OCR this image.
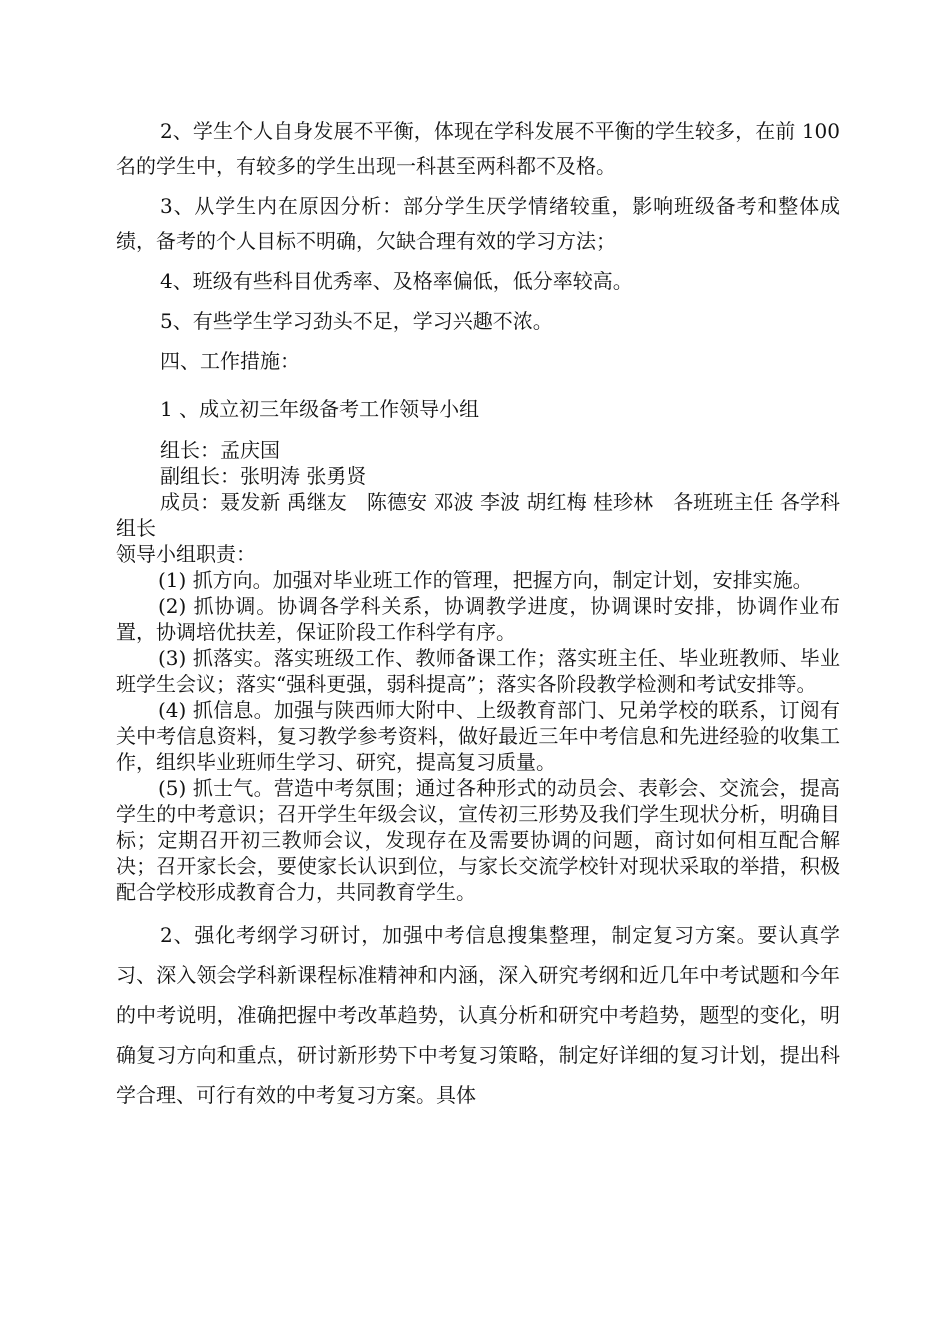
2、学生个人自身发展不平衡，体现在学科发展不平衡的学生较多，在前 100 名的学生中，有较多的学生出现一科甚至两科都不及格。

3、从学生内在原因分析：部分学生厌学情绪较重，影响班级备考和整体成绩，备考的个人目标不明确，欠缺合理有效的学习方法；

4、班级有些科目优秀率、及格率偏低，低分率较高。

5、有些学生学习劲头不足，学习兴趣不浓。

四、工作措施：

1 、成立初三年级备考工作领导小组

组长：孟庆国

副组长：张明涛 张勇贤

成员：聂发新 禹继友　陈德安 邓波 李波 胡红梅 桂珍林　各班班主任 各学科组长

领导小组职责：

(1) 抓方向。加强对毕业班工作的管理，把握方向，制定计划，安排实施。

(2) 抓协调。协调各学科关系，协调教学进度，协调课时安排，协调作业布置，协调培优扶差，保证阶段工作科学有序。

(3) 抓落实。落实班级工作、教师备课工作；落实班主任、毕业班教师、毕业班学生会议；落实“强科更强，弱科提高”；落实各阶段教学检测和考试安排等。

(4) 抓信息。加强与陕西师大附中、上级教育部门、兄弟学校的联系，订阅有关中考信息资料，复习教学参考资料，做好最近三年中考信息和先进经验的收集工作，组织毕业班师生学习、研究，提高复习质量。

(5) 抓士气。营造中考氛围；通过各种形式的动员会、表彰会、交流会，提高学生的中考意识；召开学生年级会议，宣传初三形势及我们学生现状分析，明确目标；定期召开初三教师会议，发现存在及需要协调的问题，商讨如何相互配合解决；召开家长会，要使家长认识到位，与家长交流学校针对现状采取的举措，积极配合学校形成教育合力，共同教育学生。

2、强化考纲学习研讨，加强中考信息搜集整理，制定复习方案。要认真学习、深入领会学科新课程标准精神和内涵，深入研究考纲和近几年中考试题和今年的中考说明，准确把握中考改革趋势，认真分析和研究中考趋势，题型的变化，明确复习方向和重点，研讨新形势下中考复习策略，制定好详细的复习计划，提出科学合理、可行有效的中考复习方案。具体
